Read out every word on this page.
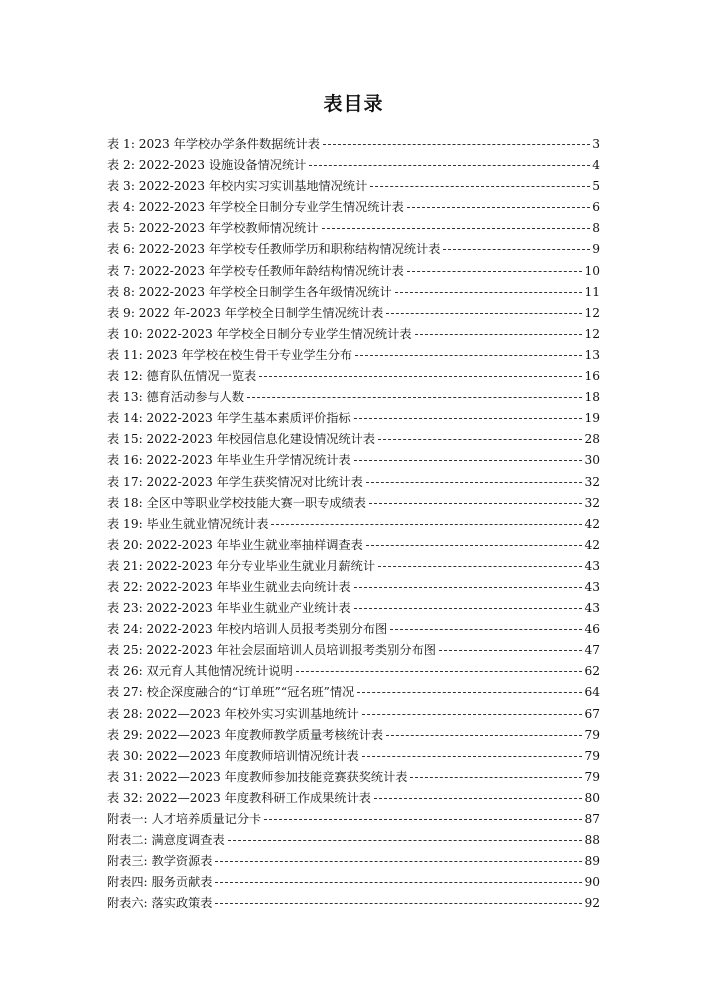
表目录
表 1: 2023 年学校办学条件数据统计表	3
表 2: 2022-2023 设施设备情况统计	4
表 3: 2022-2023 年校内实习实训基地情况统计	5
表 4: 2022-2023 年学校全日制分专业学生情况统计表	6
表 5: 2022-2023 年学校教师情况统计	8
表 6: 2022-2023 年学校专任教师学历和职称结构情况统计表	9
表 7: 2022-2023 年学校专任教师年龄结构情况统计表	10
表 8: 2022-2023 年学校全日制学生各年级情况统计	11
表 9: 2022 年-2023 年学校全日制学生情况统计表	12
表 10: 2022-2023 年学校全日制分专业学生情况统计表	12
表 11: 2023 年学校在校生骨干专业学生分布	13
表 12: 德育队伍情况一览表	16
表 13: 德育活动参与人数	18
表 14: 2022-2023 年学生基本素质评价指标	19
表 15: 2022-2023 年校园信息化建设情况统计表	28
表 16: 2022-2023 年毕业生升学情况统计表	30
表 17: 2022-2023 年学生获奖情况对比统计表	32
表 18: 全区中等职业学校技能大赛一职专成绩表	32
表 19: 毕业生就业情况统计表	42
表 20: 2022-2023 年毕业生就业率抽样调查表	42
表 21: 2022-2023 年分专业毕业生就业月薪统计	43
表 22: 2022-2023 年毕业生就业去向统计表	43
表 23: 2022-2023 年毕业生就业产业统计表	43
表 24: 2022-2023 年校内培训人员报考类别分布图	46
表 25: 2022-2023 年社会层面培训人员培训报考类别分布图	47
表 26: 双元育人其他情况统计说明	62
表 27: 校企深度融合的“订单班”“冠名班”情况	64
表 28: 2022—2023 年校外实习实训基地统计	67
表 29: 2022—2023 年度教师教学质量考核统计表	79
表 30: 2022—2023 年度教师培训情况统计表	79
表 31: 2022—2023 年度教师参加技能竞赛获奖统计表	79
表 32: 2022—2023 年度教科研工作成果统计表	80
附表一: 人才培养质量记分卡	87
附表二: 满意度调查表	88
附表三: 教学资源表	89
附表四: 服务贡献表	90
附表六: 落实政策表	92
